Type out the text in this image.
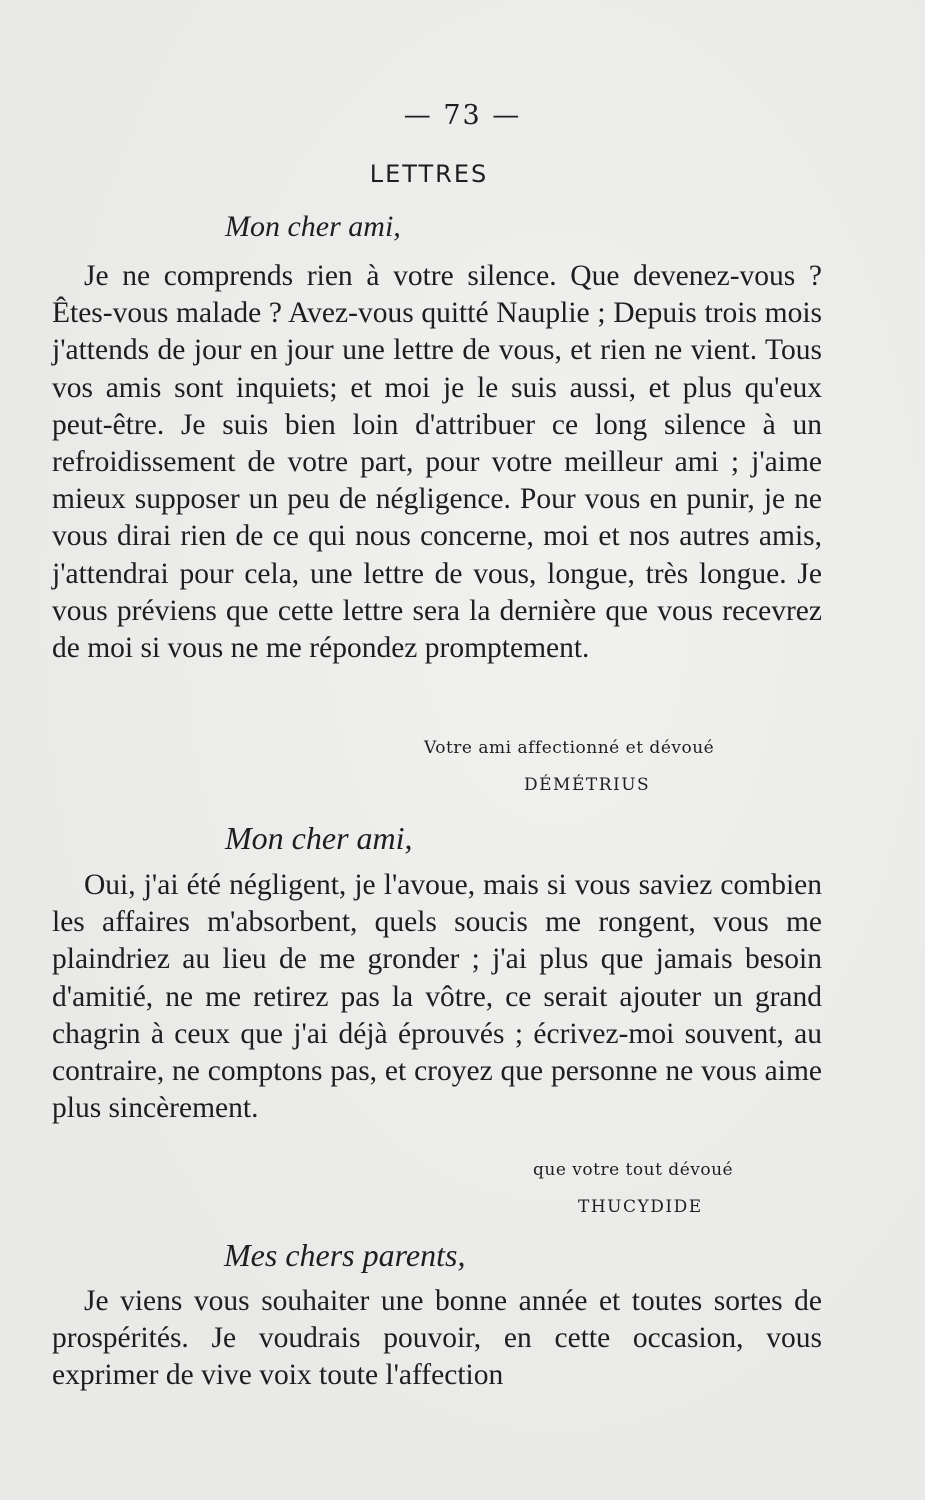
— 73 —
LETTRES
Mon cher ami,

Je ne comprends rien à votre silence. Que devenez-vous ? Êtes-vous malade ? Avez-vous quitté Nauplie ; Depuis trois mois j'attends de jour en jour une lettre de vous, et rien ne vient. Tous vos amis sont inquiets; et moi je le suis aussi, et plus qu'eux peut-être. Je suis bien loin d'attribuer ce long silence à un refroidissement de votre part, pour votre meilleur ami ; j'aime mieux supposer un peu de négligence. Pour vous en punir, je ne vous dirai rien de ce qui nous concerne, moi et nos autres amis, j'attendrai pour cela, une lettre de vous, longue, très longue. Je vous préviens que cette lettre sera la dernière que vous recevrez de moi si vous ne me répondez promptement.

Votre ami affectionné et dévoué
DÉMÉTRIUS
Mon cher ami,

Oui, j'ai été négligent, je l'avoue, mais si vous saviez combien les affaires m'absorbent, quels soucis me rongent, vous me plaindriez au lieu de me gronder ; j'ai plus que jamais besoin d'amitié, ne me retirez pas la vôtre, ce serait ajouter un grand chagrin à ceux que j'ai déjà éprouvés ; écrivez-moi souvent, au contraire, ne comptons pas, et croyez que personne ne vous aime plus sincèrement.

que votre tout dévoué
THUCYDIDE
Mes chers parents,

Je viens vous souhaiter une bonne année et toutes sortes de prospérités. Je voudrais pouvoir, en cette occasion, vous exprimer de vive voix toute l'affection
